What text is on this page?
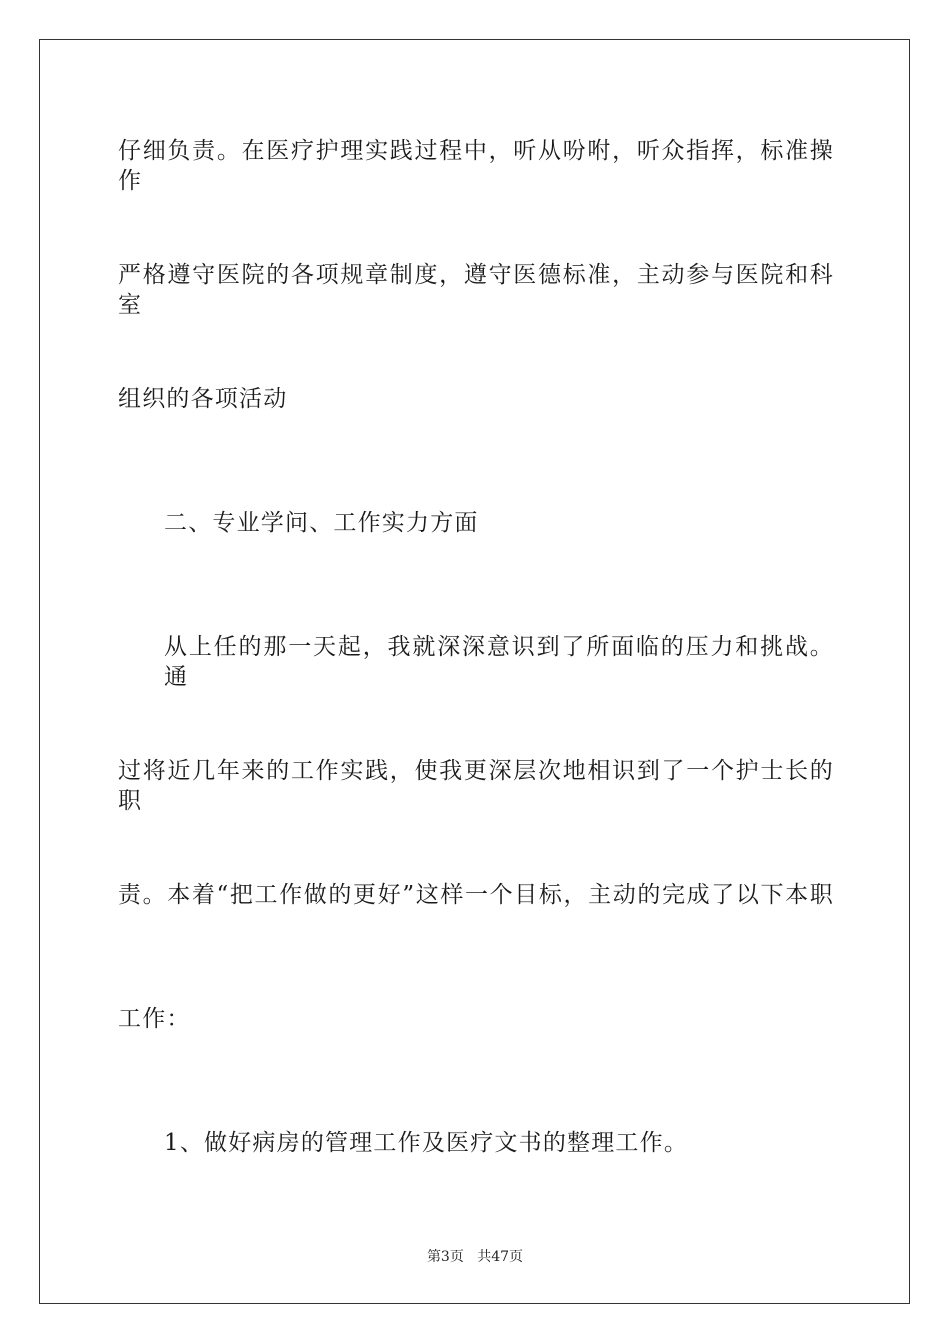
仔细负责。在医疗护理实践过程中，听从吩咐，听众指挥，标准操作
严格遵守医院的各项规章制度，遵守医德标准，主动参与医院和科室
组织的各项活动
二、专业学问、工作实力方面
从上任的那一天起，我就深深意识到了所面临的压力和挑战。通
过将近几年来的工作实践，使我更深层次地相识到了一个护士长的职
责。本着“把工作做的更好”这样一个目标，主动的完成了以下本职
工作：
1、做好病房的管理工作及医疗文书的整理工作。
第3页 共47页
